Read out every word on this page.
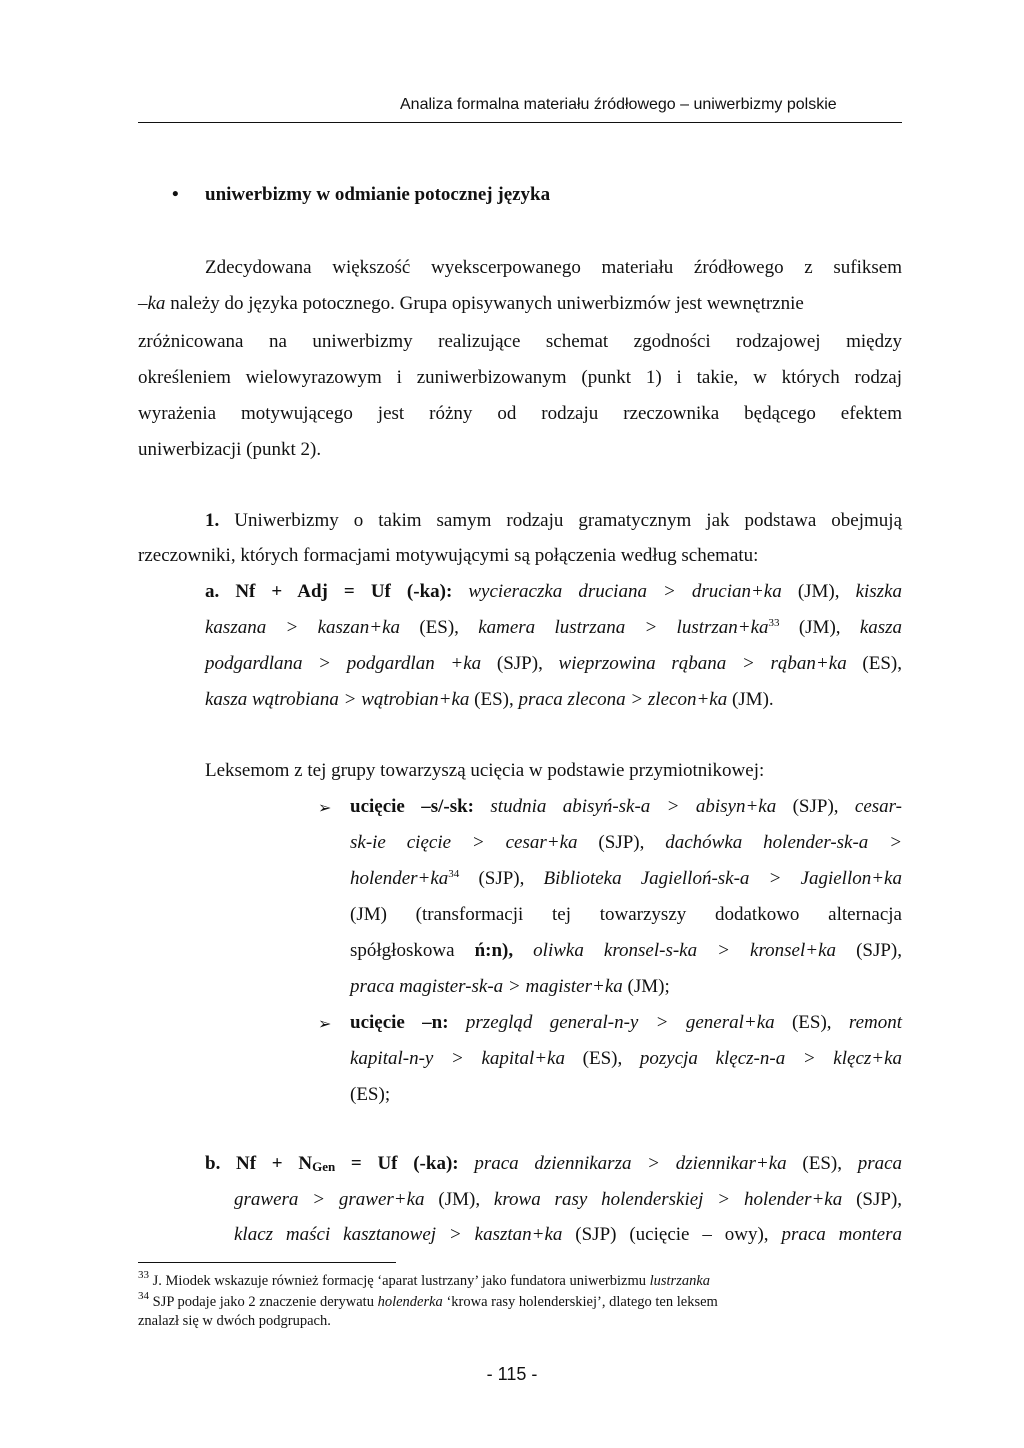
Analiza formalna materiału źródłowego – uniwerbizmy polskie
• uniwerbizmy w odmianie potocznej języka
Zdecydowana większość wyekscerpowanego materiału źródłowego z sufiksem
–ka należy do języka potocznego. Grupa opisywanych uniwerbizmów jest wewnętrznie
zróżnicowana na uniwerbizmy realizujące schemat zgodności rodzajowej między
określeniem wielowyrazowym i zuniwerbizowanym (punkt 1) i takie, w których rodzaj
wyrażenia motywującego jest różny od rodzaju rzeczownika będącego efektem
uniwerbizacji (punkt 2).
1. Uniwerbizmy o takim samym rodzaju gramatycznym jak podstawa obejmują
rzeczowniki, których formacjami motywującymi są połączenia według schematu:
a. Nf + Adj = Uf (-ka): wycieraczka druciana > drucian+ka (JM), kiszka
kaszana > kaszan+ka (ES), kamera lustrzana > $lustrzan+ka^{33}$ (JM), kasza
podgardlana > podgardlan +ka (SJP), wieprzowina rąbana > rąban+ka (ES),
kasza wątrobiana > wątrobian+ka (ES), praca zlecona > zlecon+ka (JM).
Leksemom z tej grupy towarzyszą ucięcia w podstawie przymiotnikowej:
➢ ucięcie –s/-sk: studnia abisyń-sk-a > abisyn+ka (SJP), cesar-
sk-ie cięcie > cesar+ka (SJP), dachówka holender-sk-a >
$holender+ka^{34}$ (SJP), Biblioteka Jagielloń-sk-a > Jagiellon+ka
(JM) (transformacji tej towarzyszy dodatkowo alternacja
spółgłoskowa ń:n), oliwka kronsel-s-ka > kronsel+ka (SJP),
praca magister-sk-a > magister+ka (JM);
➢ ucięcie –n: przegląd general-n-y > general+ka (ES), remont
kapital-n-y > kapital+ka (ES), pozycja klęcz-n-a > klęcz+ka
(ES);
b. Nf + NGen = Uf (-ka): praca dziennikarza > dziennikar+ka (ES), praca
grawera > grawer+ka (JM), krowa rasy holenderskiej > holender+ka (SJP),
klacz maści kasztanowej > kasztan+ka (SJP) (ucięcie – owy), praca montera
$^{33}$ J. Miodek wskazuje również formację ‘aparat lustrzany’ jako fundatora uniwerbizmu lustrzanka
$^{34}$ SJP podaje jako 2 znaczenie derywatu holenderka ‘krowa rasy holenderskiej’, dlatego ten leksem
znalazł się w dwóch podgrupach.
- 115 -
